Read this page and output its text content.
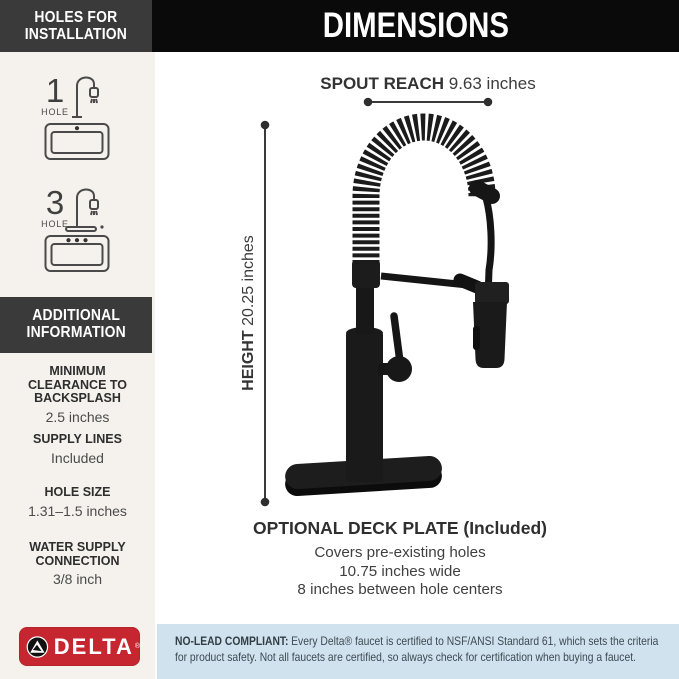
HOLES FOR
INSTALLATION	DIMENSIONS
1
HOLE
3
HOLE
ADDITIONAL
INFORMATION
MINIMUM CLEARANCE TO BACKSPLASH
2.5 inches
SUPPLY LINES
Included
HOLE SIZE
1.31–1.5 inches
WATER SUPPLY CONNECTION
3/8 inch
SPOUT REACH 9.63 inches
HEIGHT 20.25 inches
OPTIONAL DECK PLATE (Included)
Covers pre-existing holes
10.75 inches wide
8 inches between hole centers
NO-LEAD COMPLIANT: Every Delta® faucet is certified to NSF/ANSI Standard 61, which sets the criteria for product safety. Not all faucets are certified, so always check for certification when buying a faucet.
DELTA ®
